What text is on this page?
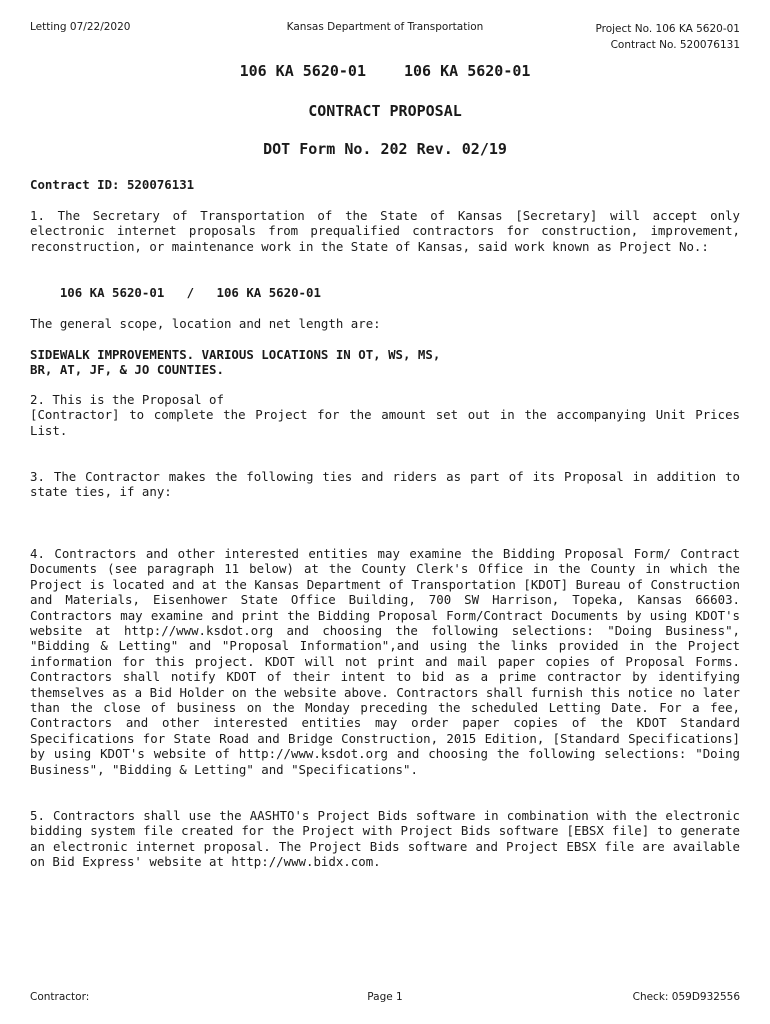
Letting 07/22/2020	Kansas Department of Transportation	Project No. 106 KA 5620-01
Contract No. 520076131
106 KA 5620-01	106 KA 5620-01
CONTRACT PROPOSAL
DOT Form No. 202 Rev. 02/19
Contract ID: 520076131
1. The Secretary of Transportation of the State of Kansas [Secretary] will accept only electronic internet proposals from prequalified contractors for construction, improvement, reconstruction, or maintenance work in the State of Kansas, said work known as Project No.:
106 KA 5620-01   /   106 KA 5620-01
The general scope, location and net length are:
SIDEWALK IMPROVEMENTS. VARIOUS LOCATIONS IN OT, WS, MS,
BR, AT, JF, & JO COUNTIES.
2. This is the Proposal of
[Contractor] to complete the Project for the amount set out in the accompanying Unit Prices List.
3. The Contractor makes the following ties and riders as part of its Proposal in addition to state ties, if any:
4. Contractors and other interested entities may examine the Bidding Proposal Form/ Contract Documents (see paragraph 11 below) at the County Clerk's Office in the County in which the Project is located and at the Kansas Department of Transportation [KDOT] Bureau of Construction and Materials, Eisenhower State Office Building, 700 SW Harrison, Topeka, Kansas 66603. Contractors may examine and print the Bidding Proposal Form/Contract Documents by using KDOT's website at http://www.ksdot.org and choosing the following selections: "Doing Business", "Bidding & Letting" and "Proposal Information",and using the links provided in the Project information for this project. KDOT will not print and mail paper copies of Proposal Forms. Contractors shall notify KDOT of their intent to bid as a prime contractor by identifying themselves as a Bid Holder on the website above. Contractors shall furnish this notice no later than the close of business on the Monday preceding the scheduled Letting Date. For a fee, Contractors and other interested entities may order paper copies of the KDOT Standard Specifications for State Road and Bridge Construction, 2015 Edition, [Standard Specifications] by using KDOT's website of http://www.ksdot.org and choosing the following selections: "Doing Business", "Bidding & Letting" and "Specifications".
5. Contractors shall use the AASHTO's Project Bids software in combination with the electronic bidding system file created for the Project with Project Bids software [EBSX file] to generate an electronic internet proposal. The Project Bids software and Project EBSX file are available on Bid Express' website at http://www.bidx.com.
Contractor:	Page 1	Check: 059D932556
